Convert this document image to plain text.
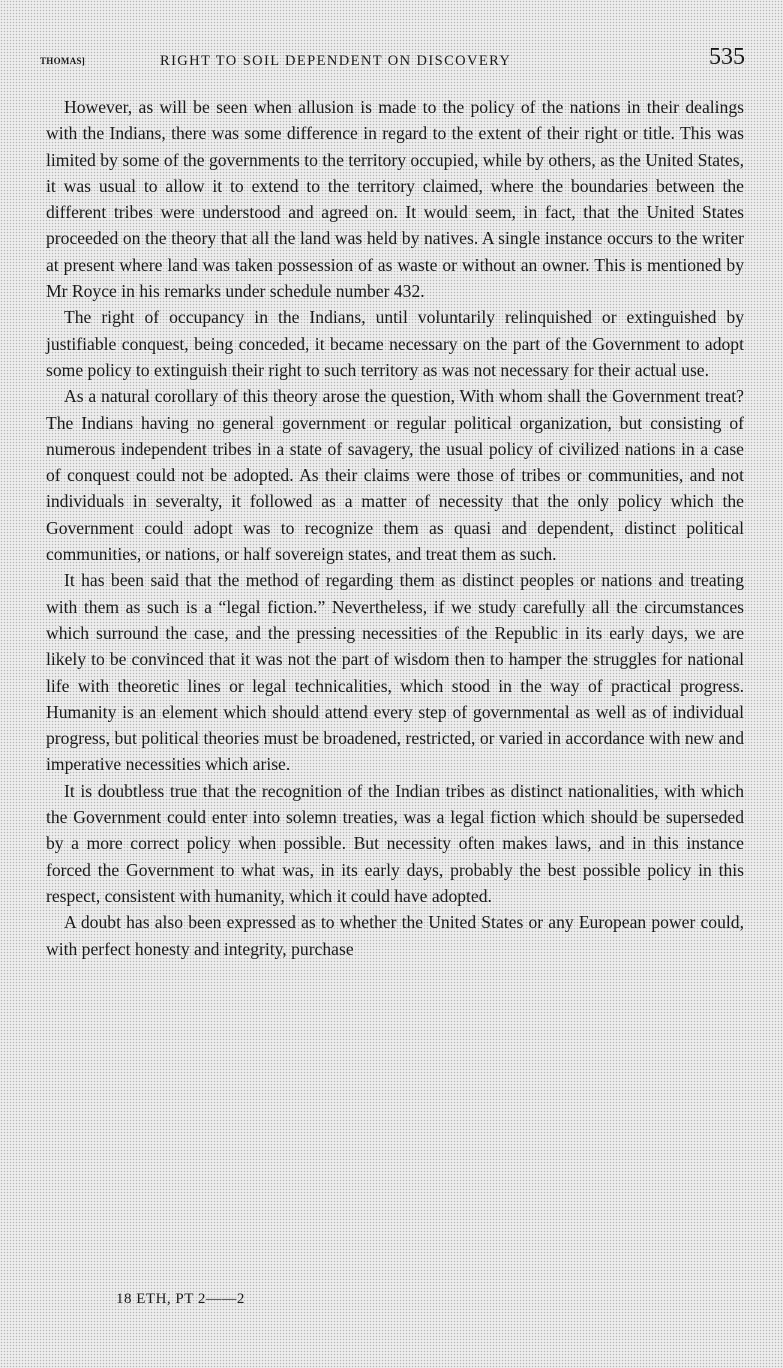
THOMAS]	RIGHT TO SOIL DEPENDENT ON DISCOVERY	535

However, as will be seen when allusion is made to the policy of the nations in their dealings with the Indians, there was some difference in regard to the extent of their right or title. This was limited by some of the governments to the territory occupied, while by others, as the United States, it was usual to allow it to extend to the territory claimed, where the boundaries between the different tribes were understood and agreed on. It would seem, in fact, that the United States proceeded on the theory that all the land was held by natives. A single instance occurs to the writer at present where land was taken possession of as waste or without an owner. This is mentioned by Mr Royce in his remarks under schedule number 432.

The right of occupancy in the Indians, until voluntarily relinquished or extinguished by justifiable conquest, being conceded, it became necessary on the part of the Government to adopt some policy to extinguish their right to such territory as was not necessary for their actual use.

As a natural corollary of this theory arose the question, With whom shall the Government treat? The Indians having no general government or regular political organization, but consisting of numerous independent tribes in a state of savagery, the usual policy of civilized nations in a case of conquest could not be adopted. As their claims were those of tribes or communities, and not individuals in severalty, it followed as a matter of necessity that the only policy which the Government could adopt was to recognize them as quasi and dependent, distinct political communities, or nations, or half sovereign states, and treat them as such.

It has been said that the method of regarding them as distinct peoples or nations and treating with them as such is a “legal fiction.” Nevertheless, if we study carefully all the circumstances which surround the case, and the pressing necessities of the Republic in its early days, we are likely to be convinced that it was not the part of wisdom then to hamper the struggles for national life with theoretic lines or legal technicalities, which stood in the way of practical progress. Humanity is an element which should attend every step of governmental as well as of individual progress, but political theories must be broadened, restricted, or varied in accordance with new and imperative necessities which arise.

It is doubtless true that the recognition of the Indian tribes as distinct nationalities, with which the Government could enter into solemn treaties, was a legal fiction which should be superseded by a more correct policy when possible. But necessity often makes laws, and in this instance forced the Government to what was, in its early days, probably the best possible policy in this respect, consistent with humanity, which it could have adopted.

A doubt has also been expressed as to whether the United States or any European power could, with perfect honesty and integrity, purchase

18 ETH, PT 2——2
